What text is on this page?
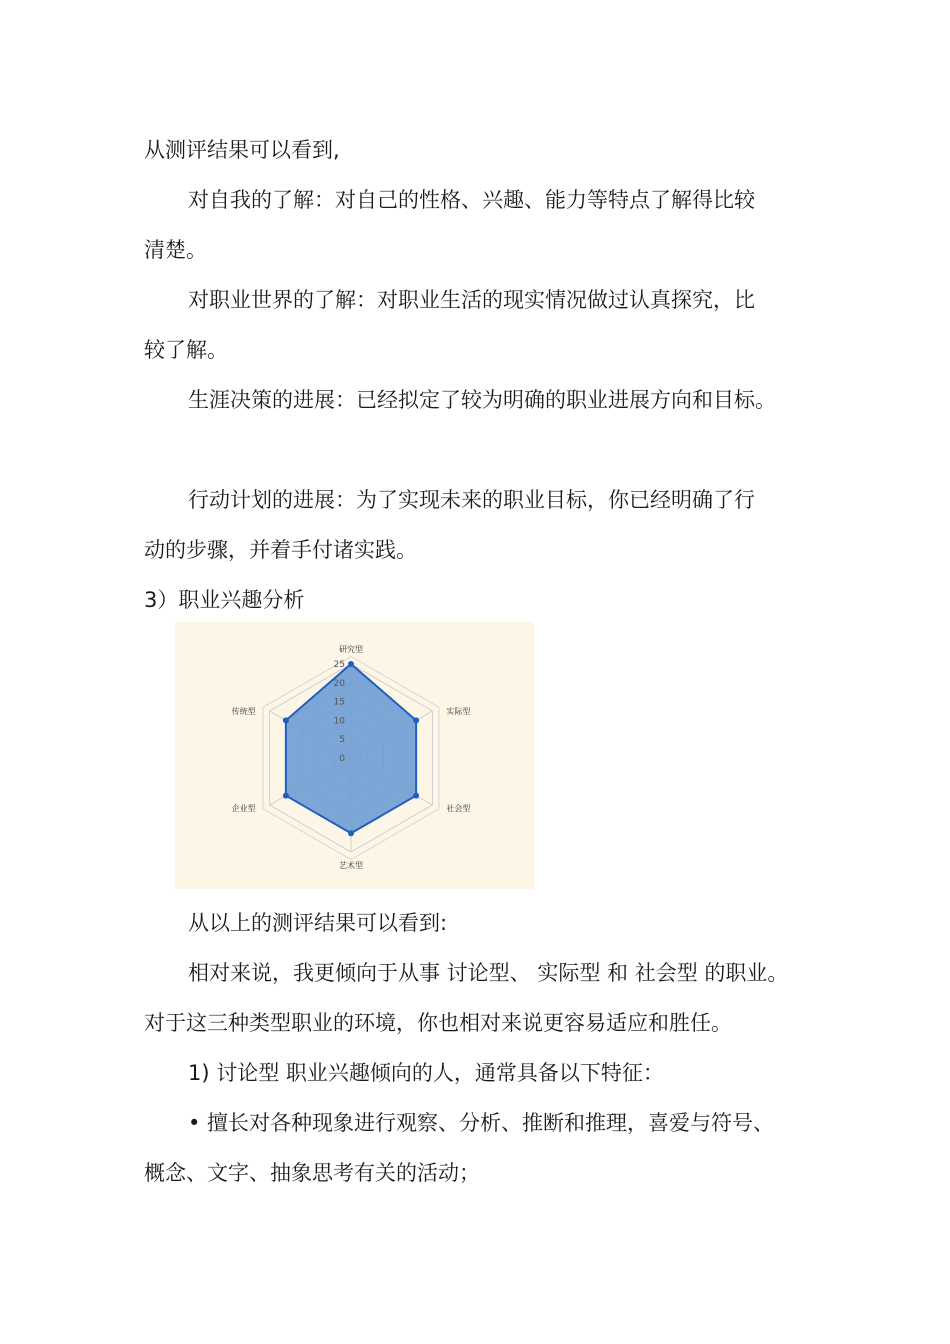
从测评结果可以看到,

对自我的了解：对自己的性格、兴趣、能力等特点了解得比较

清楚。

对职业世界的了解：对职业生活的现实情况做过认真探究，比

较了解。

生涯决策的进展：已经拟定了较为明确的职业进展方向和目标。

行动计划的进展：为了实现未来的职业目标，你已经明确了行

动的步骤，并着手付诸实践。

3）职业兴趣分析

0
5
10
15
20
25
研究型
实际型
社会型
艺术型
企业型
传统型

从以上的测评结果可以看到:

相对来说，我更倾向于从事 讨论型、 实际型 和 社会型 的职业。

对于这三种类型职业的环境，你也相对来说更容易适应和胜任。

1) 讨论型 职业兴趣倾向的人，通常具备以下特征：

• 擅长对各种现象进行观察、分析、推断和推理，喜爱与符号、

概念、文字、抽象思考有关的活动；
